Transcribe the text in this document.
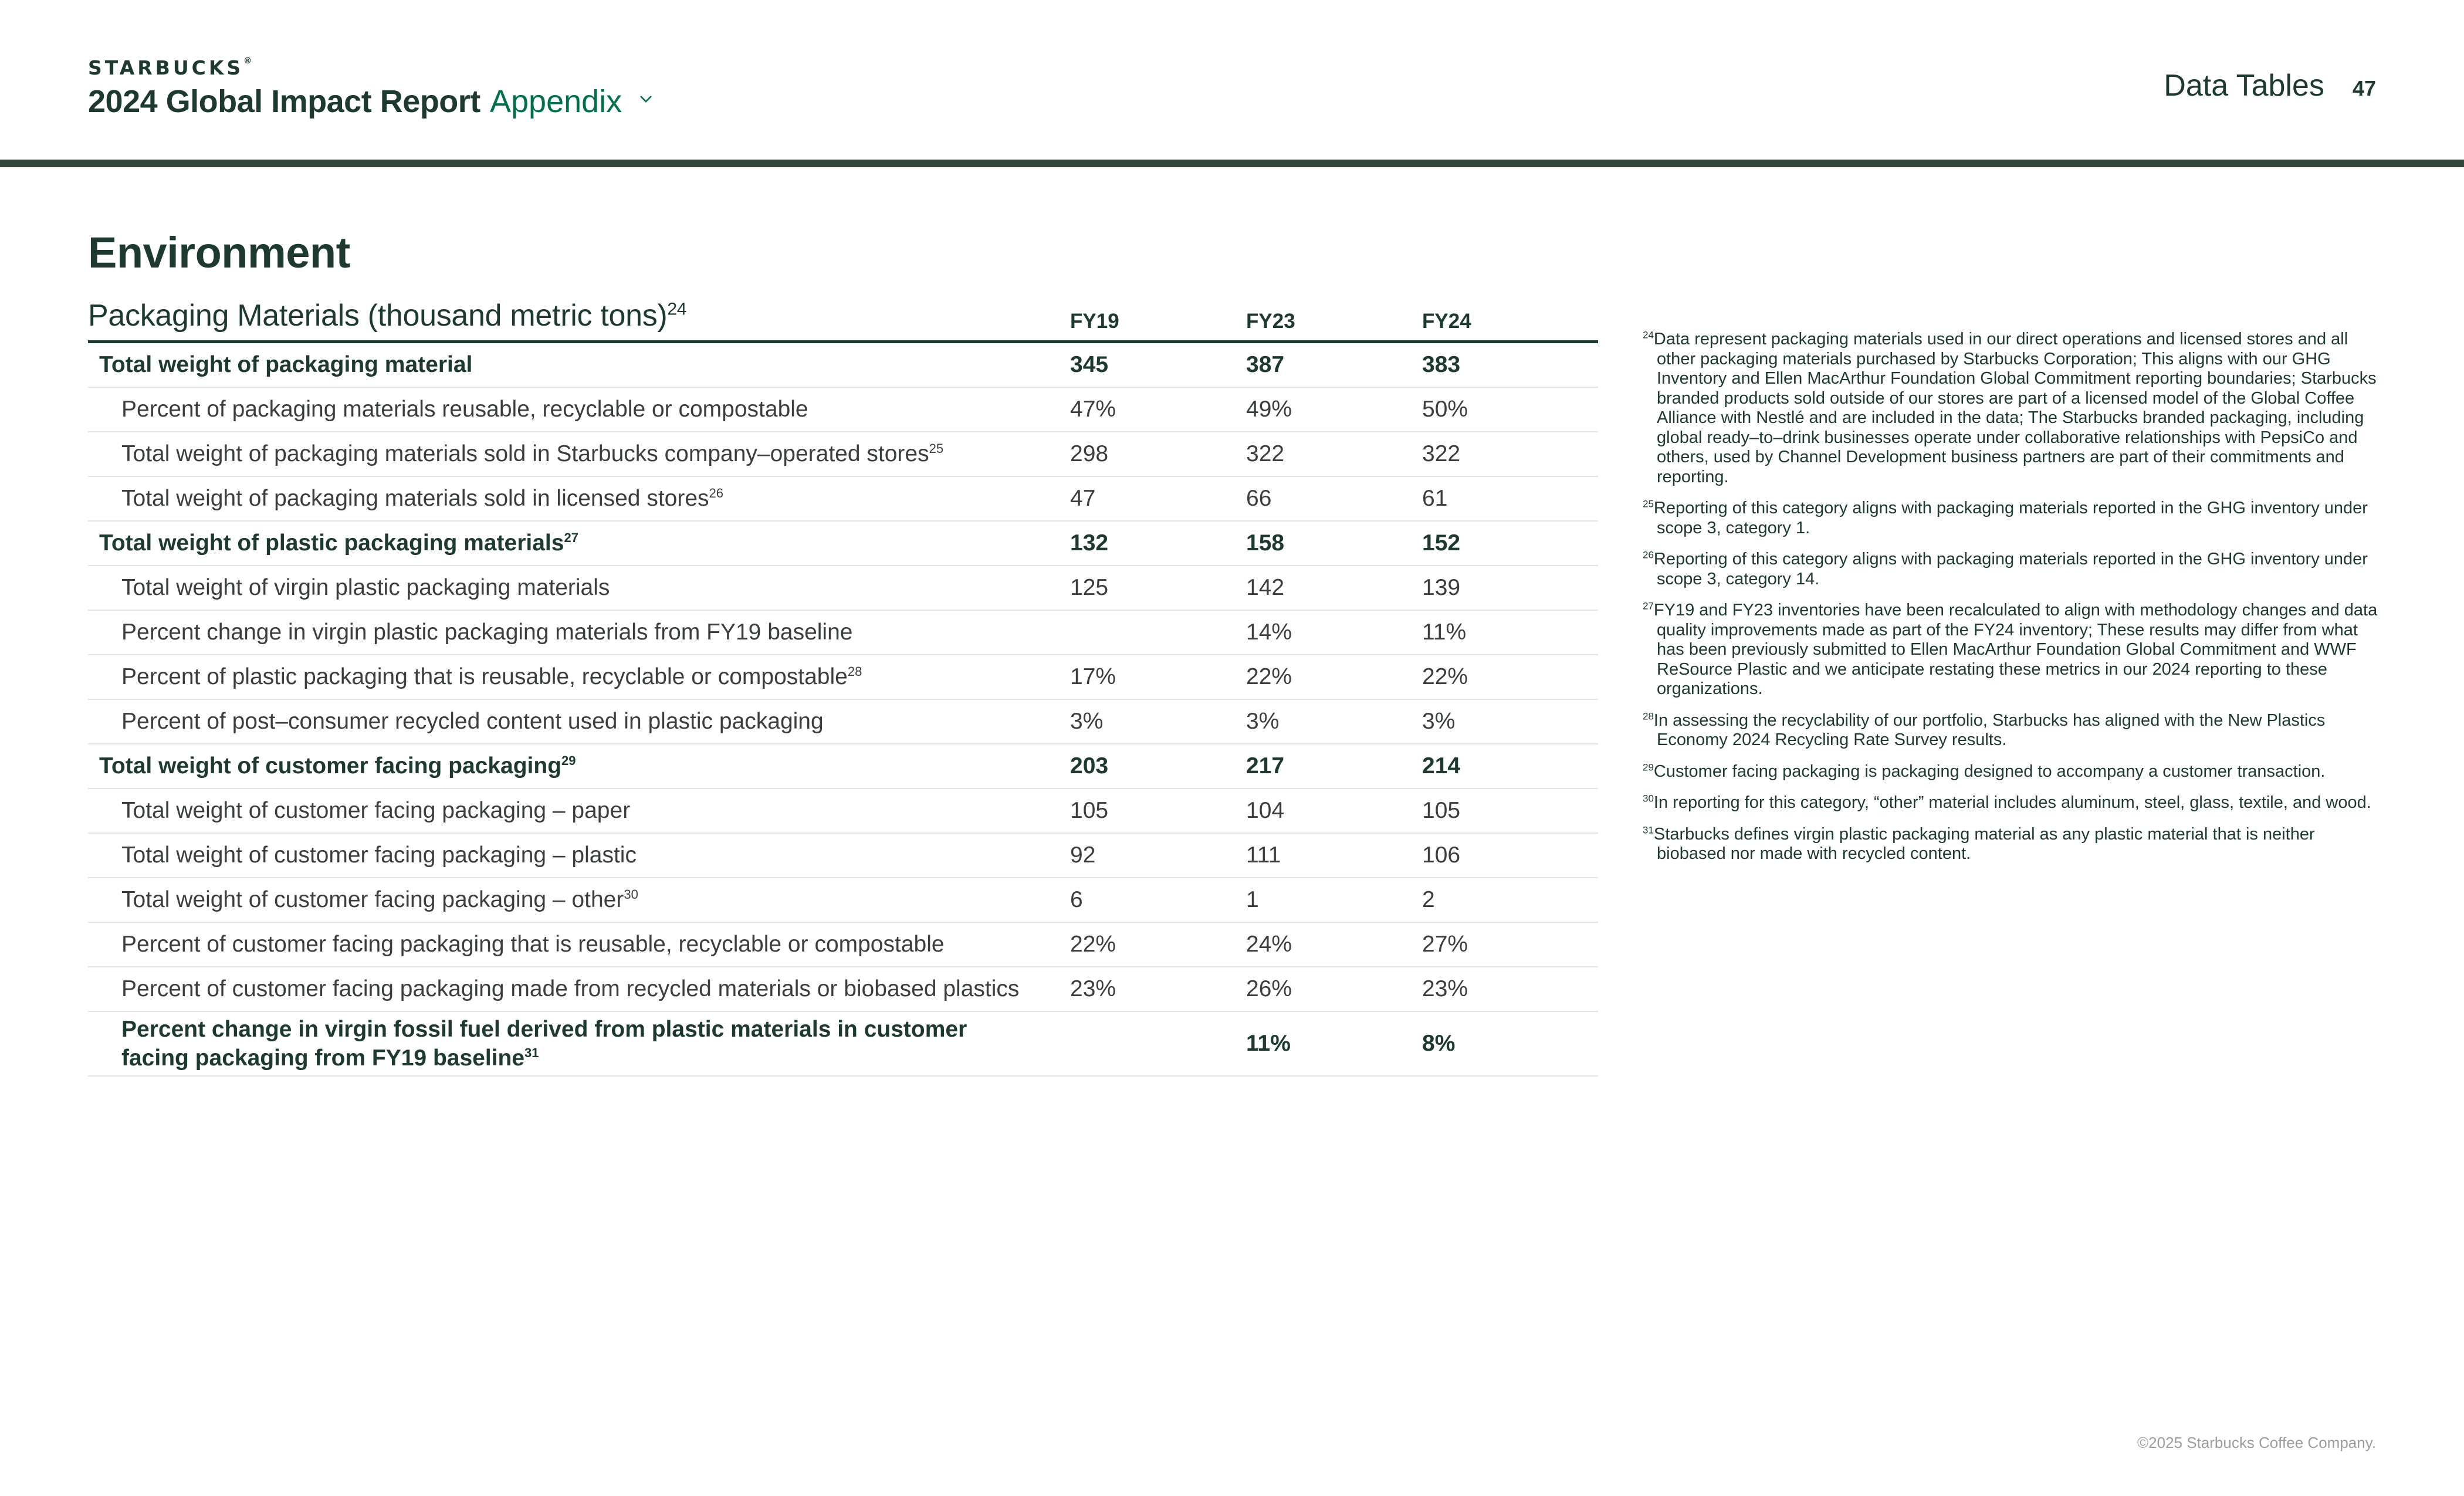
STARBUCKS®
2024 Global Impact Report Appendix	Data Tables 47
Environment
Packaging Materials (thousand metric tons)$^{24}$	FY19	FY23	FY24
Total weight of packaging material	345	387	383
Percent of packaging materials reusable, recyclable or compostable	47%	49%	50%
Total weight of packaging materials sold in Starbucks company–operated stores$^{25}$	298	322	322
Total weight of packaging materials sold in licensed stores$^{26}$	47	66	61
Total weight of plastic packaging materials$^{27}$	132	158	152
Total weight of virgin plastic packaging materials	125	142	139
Percent change in virgin plastic packaging materials from FY19 baseline		14%	11%
Percent of plastic packaging that is reusable, recyclable or compostable$^{28}$	17%	22%	22%
Percent of post–consumer recycled content used in plastic packaging	3%	3%	3%
Total weight of customer facing packaging$^{29}$	203	217	214
Total weight of customer facing packaging – paper	105	104	105
Total weight of customer facing packaging – plastic	92	111	106
Total weight of customer facing packaging – other$^{30}$	6	1	2
Percent of customer facing packaging that is reusable, recyclable or compostable	22%	24%	27%
Percent of customer facing packaging made from recycled materials or biobased plastics	23%	26%	23%
Percent change in virgin fossil fuel derived from plastic materials in customer
facing packaging from FY19 baseline$^{31}$		11%	8%

$^{24}$Data represent packaging materials used in our direct operations and licensed stores and all other packaging materials purchased by Starbucks Corporation; This aligns with our GHG Inventory and Ellen MacArthur Foundation Global Commitment reporting boundaries; Starbucks branded products sold outside of our stores are part of a licensed model of the Global Coffee Alliance with Nestlé and are included in the data; The Starbucks branded packaging, including global ready–to–drink businesses operate under collaborative relationships with PepsiCo and others, used by Channel Development business partners are part of their commitments and reporting.

$^{25}$Reporting of this category aligns with packaging materials reported in the GHG inventory under scope 3, category 1.

$^{26}$Reporting of this category aligns with packaging materials reported in the GHG inventory under scope 3, category 14.

$^{27}$FY19 and FY23 inventories have been recalculated to align with methodology changes and data quality improvements made as part of the FY24 inventory; These results may differ from what has been previously submitted to Ellen MacArthur Foundation Global Commitment and WWF ReSource Plastic and we anticipate restating these metrics in our 2024 reporting to these organizations.

$^{28}$In assessing the recyclability of our portfolio, Starbucks has aligned with the New Plastics Economy 2024 Recycling Rate Survey results.

$^{29}$Customer facing packaging is packaging designed to accompany a customer transaction.

$^{30}$In reporting for this category, “other” material includes aluminum, steel, glass, textile, and wood.

$^{31}$Starbucks defines virgin plastic packaging material as any plastic material that is neither biobased nor made with recycled content.

©2025 Starbucks Coffee Company.
